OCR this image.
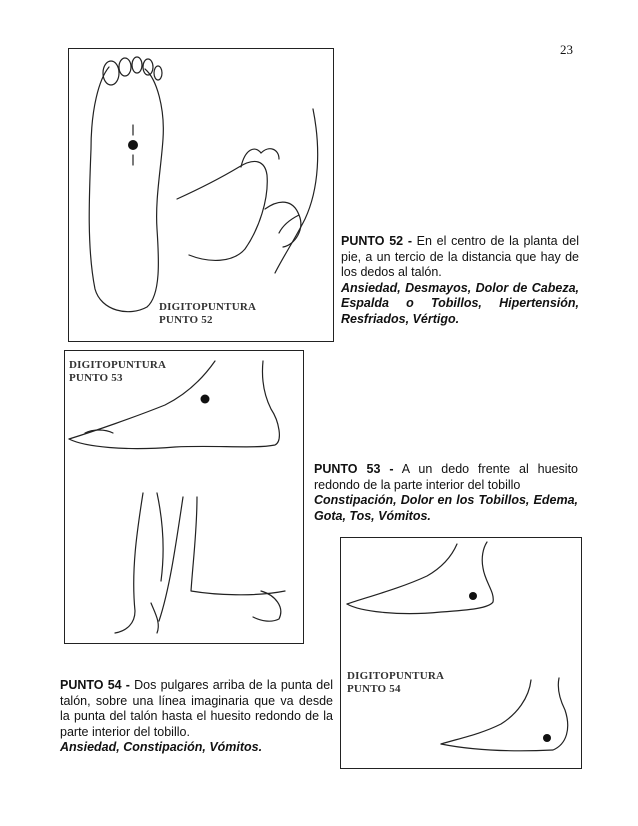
23
DIGITOPUNTURA
PUNTO 52
PUNTO 52 - En el centro de la planta del pie, a un tercio de la distancia que hay de los dedos al talón.
Ansiedad, Desmayos, Dolor de Cabeza, Espalda o Tobillos, Hipertensión, Resfriados, Vértigo.
DIGITOPUNTURA
PUNTO 53
PUNTO 53 - A un dedo frente al huesito redondo de la parte interior del tobillo
Constipación, Dolor en los Tobillos, Edema, Gota, Tos, Vómitos.
DIGITOPUNTURA
PUNTO 54
PUNTO 54 - Dos pulgares arriba de la punta del talón, sobre una línea imaginaria que va desde la punta del talón hasta el huesito redondo de la parte interior del tobillo.
Ansiedad, Constipación, Vómitos.
